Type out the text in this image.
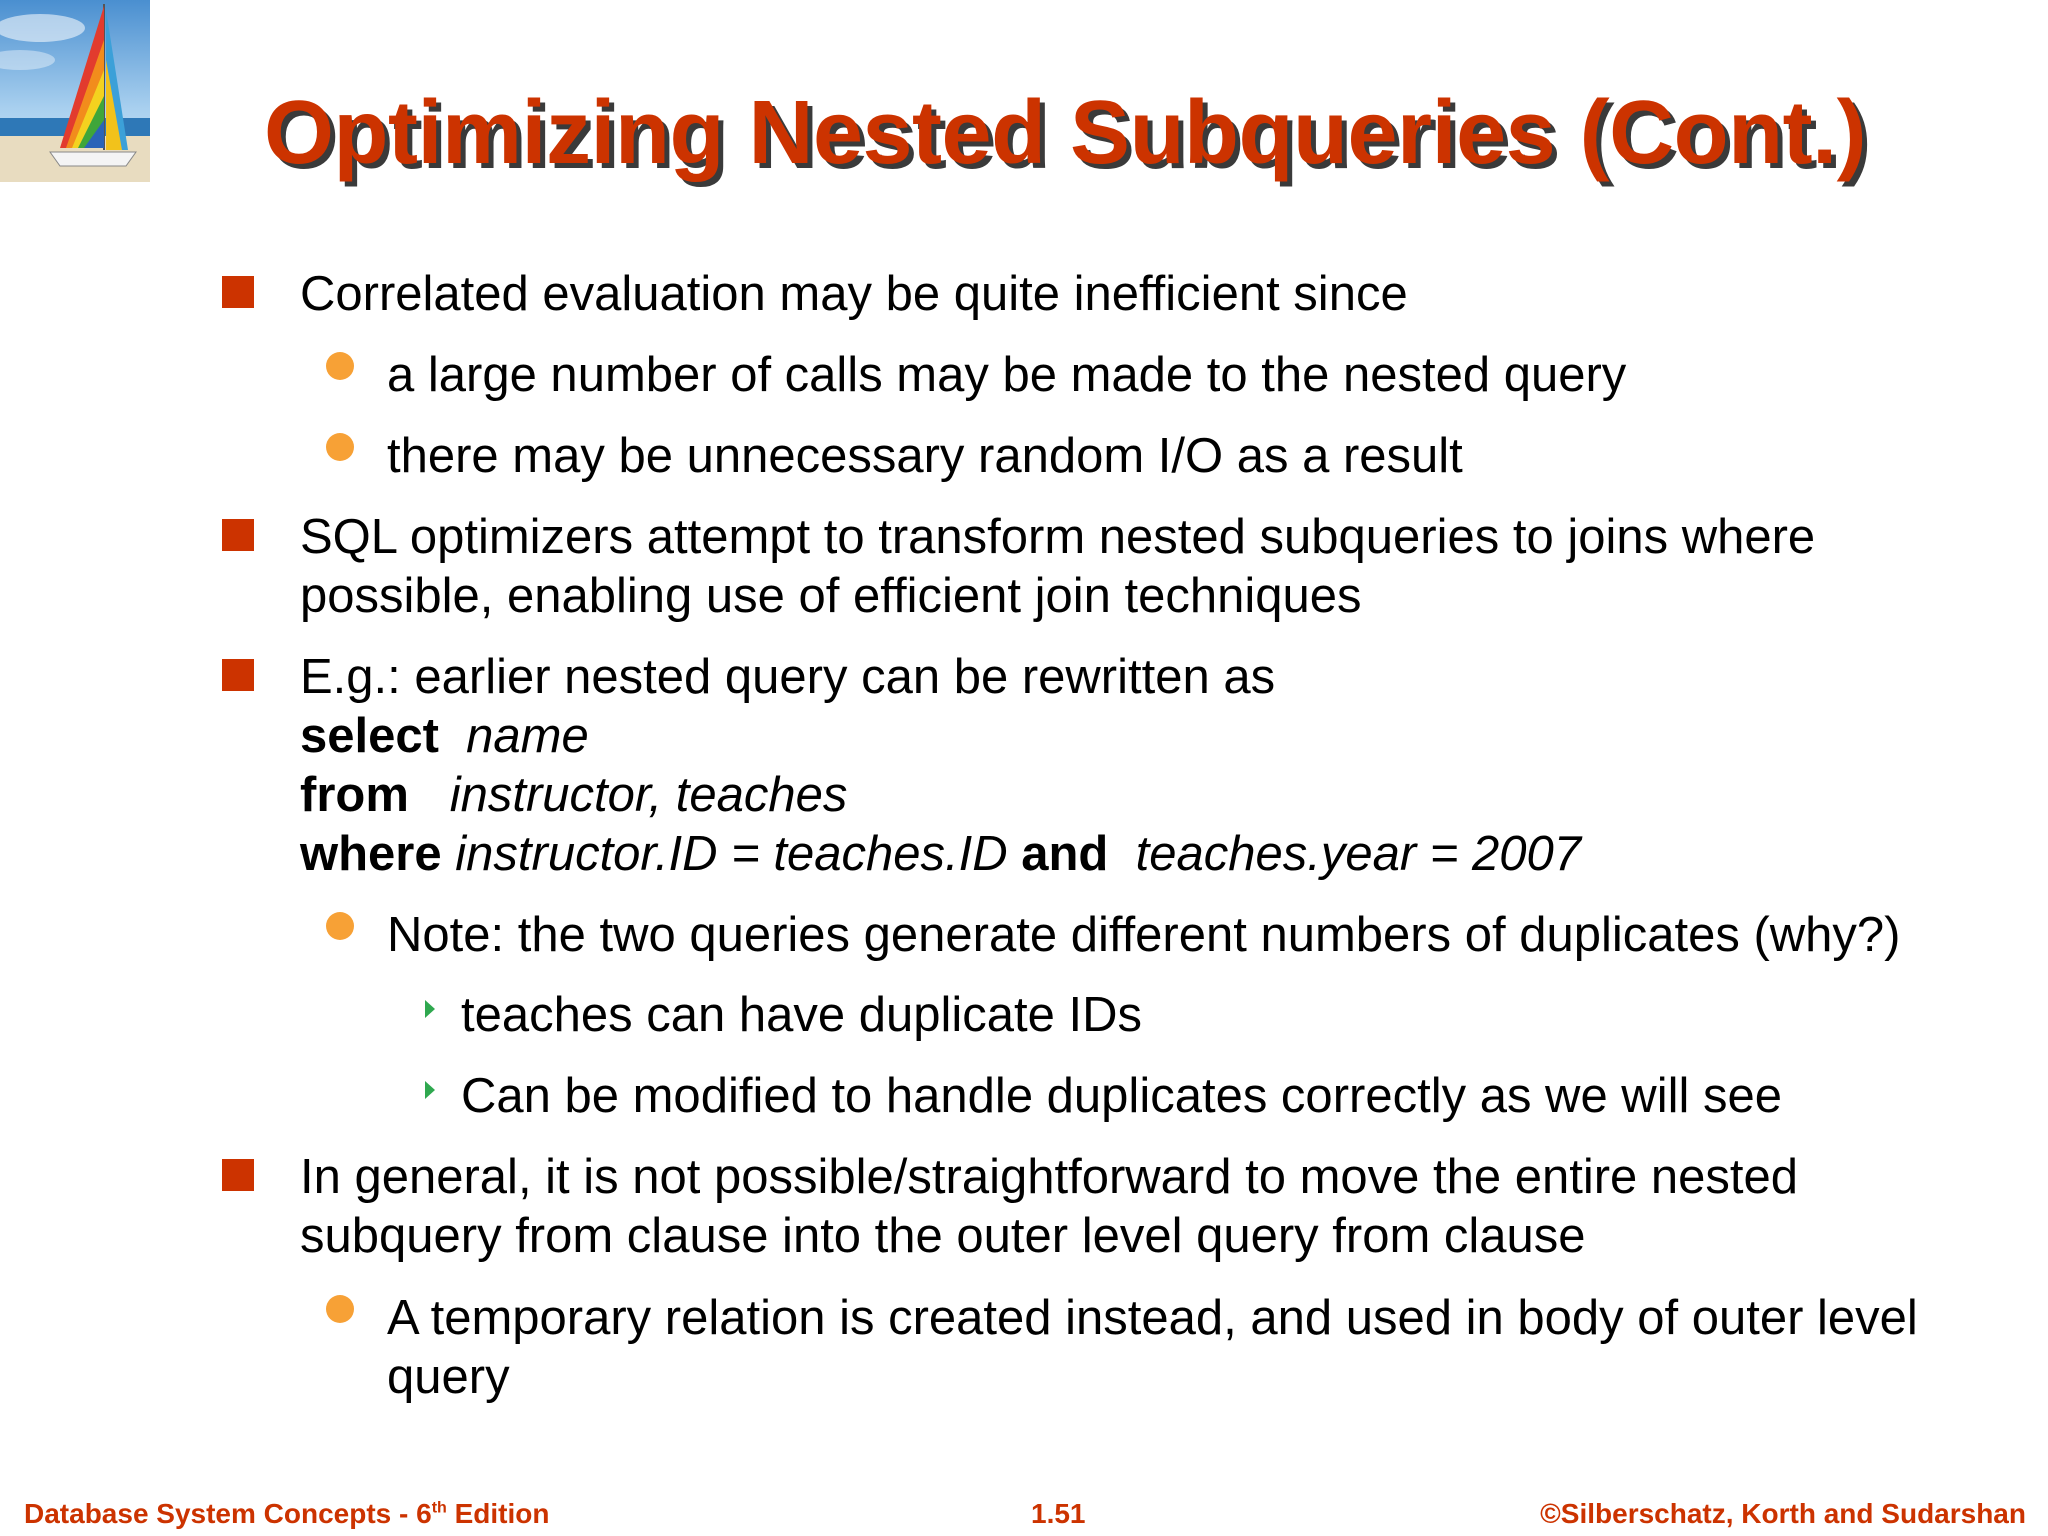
Optimizing Nested Subqueries (Cont.)
Correlated evaluation may be quite inefficient since
a large number of calls may be made to the nested query
there may be unnecessary random I/O as a result
SQL optimizers attempt to transform nested subqueries to joins where
possible, enabling use of efficient join techniques
E.g.: earlier nested query can be rewritten as
select name
from instructor, teaches
where instructor.ID = teaches.ID and teaches.year = 2007
Note: the two queries generate different numbers of duplicates (why?)
teaches can have duplicate IDs
Can be modified to handle duplicates correctly as we will see
In general, it is not possible/straightforward to move the entire nested
subquery from clause into the outer level query from clause
A temporary relation is created instead, and used in body of outer level
query
Database System Concepts - 6th Edition	1.51	©Silberschatz, Korth and Sudarshan
